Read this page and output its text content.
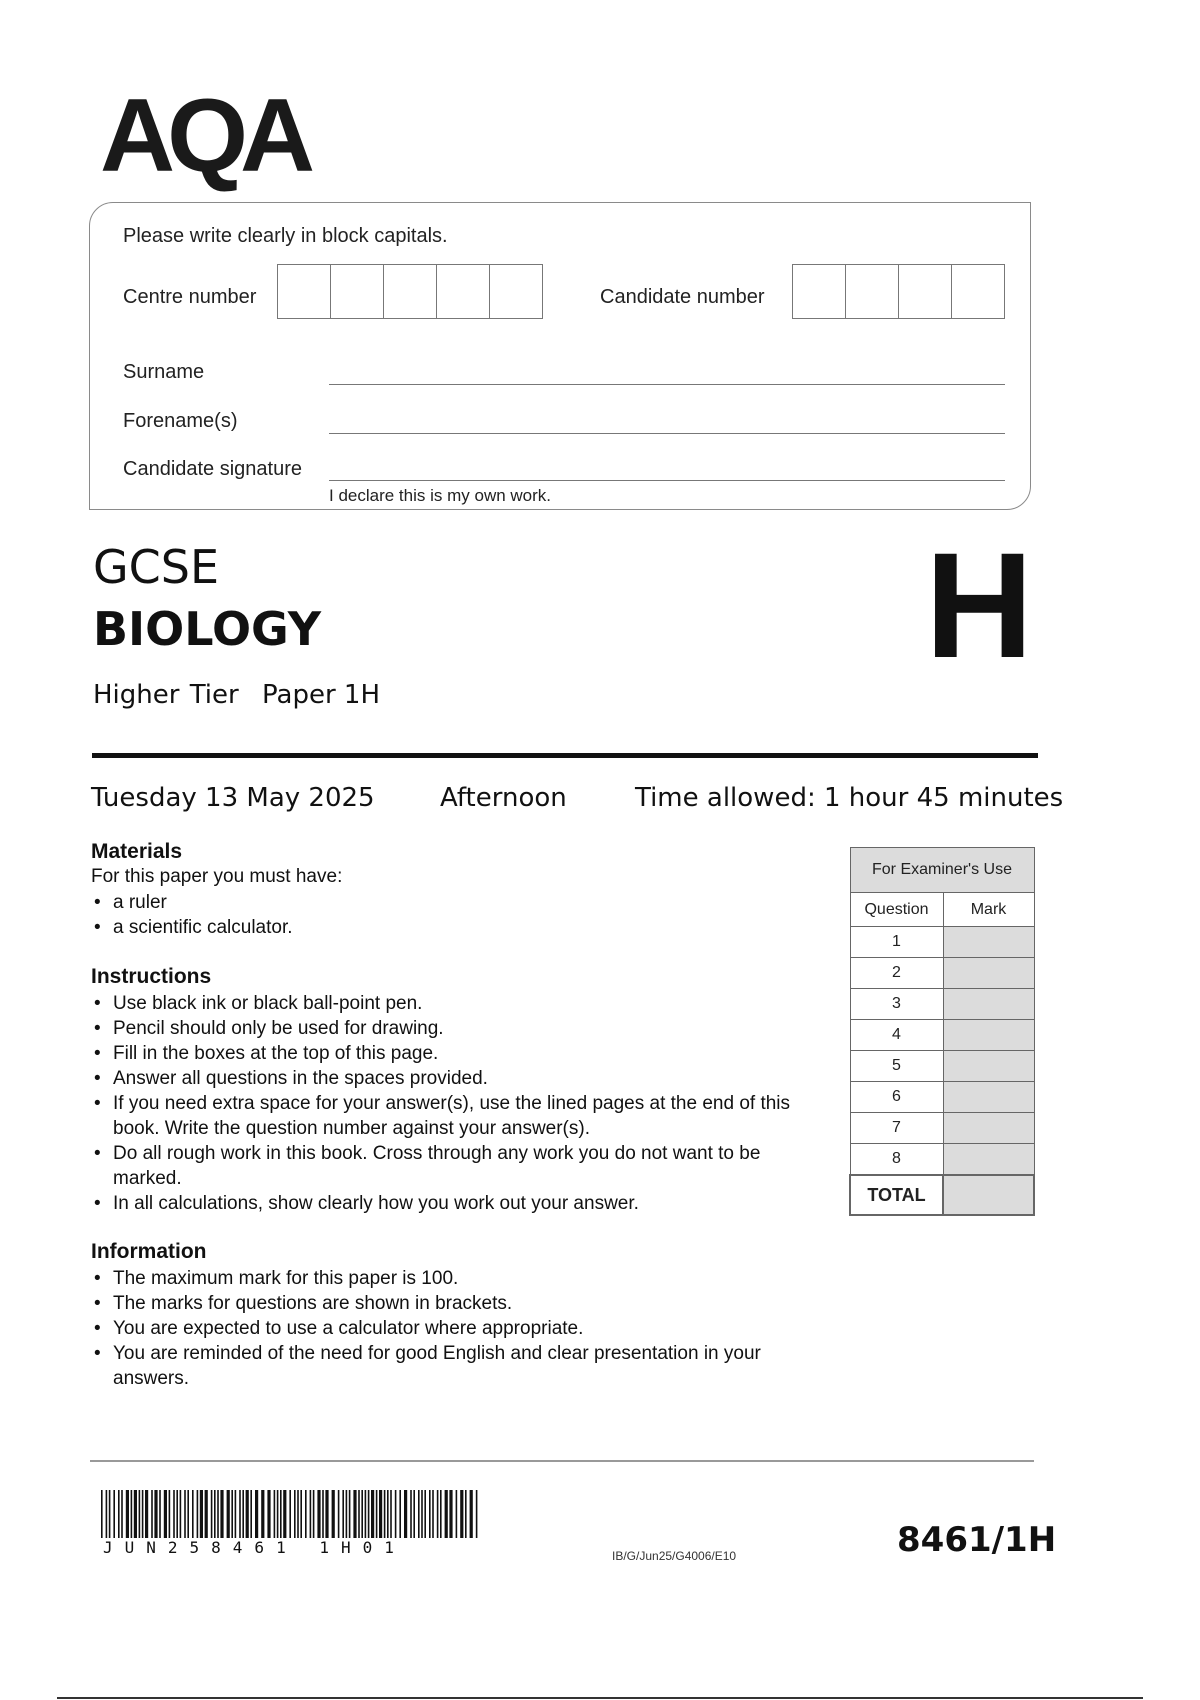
AQA
Please write clearly in block capitals.
Centre number	Candidate number
Surname
Forename(s)
Candidate signature
I declare this is my own work.
GCSE
BIOLOGY
Higher Tier Paper 1H
H
Tuesday 13 May 2025	Afternoon	Time allowed: 1 hour 45 minutes

Materials

For this paper you must have:

• a ruler
• a scientific calculator.

Instructions

• Use black ink or black ball-point pen.
• Pencil should only be used for drawing.
• Fill in the boxes at the top of this page.
• Answer all questions in the spaces provided.
• If you need extra space for your answer(s), use the lined pages at the end of this book. Write the question number against your answer(s).
• Do all rough work in this book. Cross through any work you do not want to be marked.
• In all calculations, show clearly how you work out your answer.

Information

• The maximum mark for this paper is 100.
• The marks for questions are shown in brackets.
• You are expected to use a calculator where appropriate.
• You are reminded of the need for good English and clear presentation in your answers.
For Examiner's Use	
Question	Mark
1	
2	
3	
4	
5	
6	
7	
8	
TOTAL	
JUN258461 1H01	IB/G/Jun25/G4006/E10	8461/1H
